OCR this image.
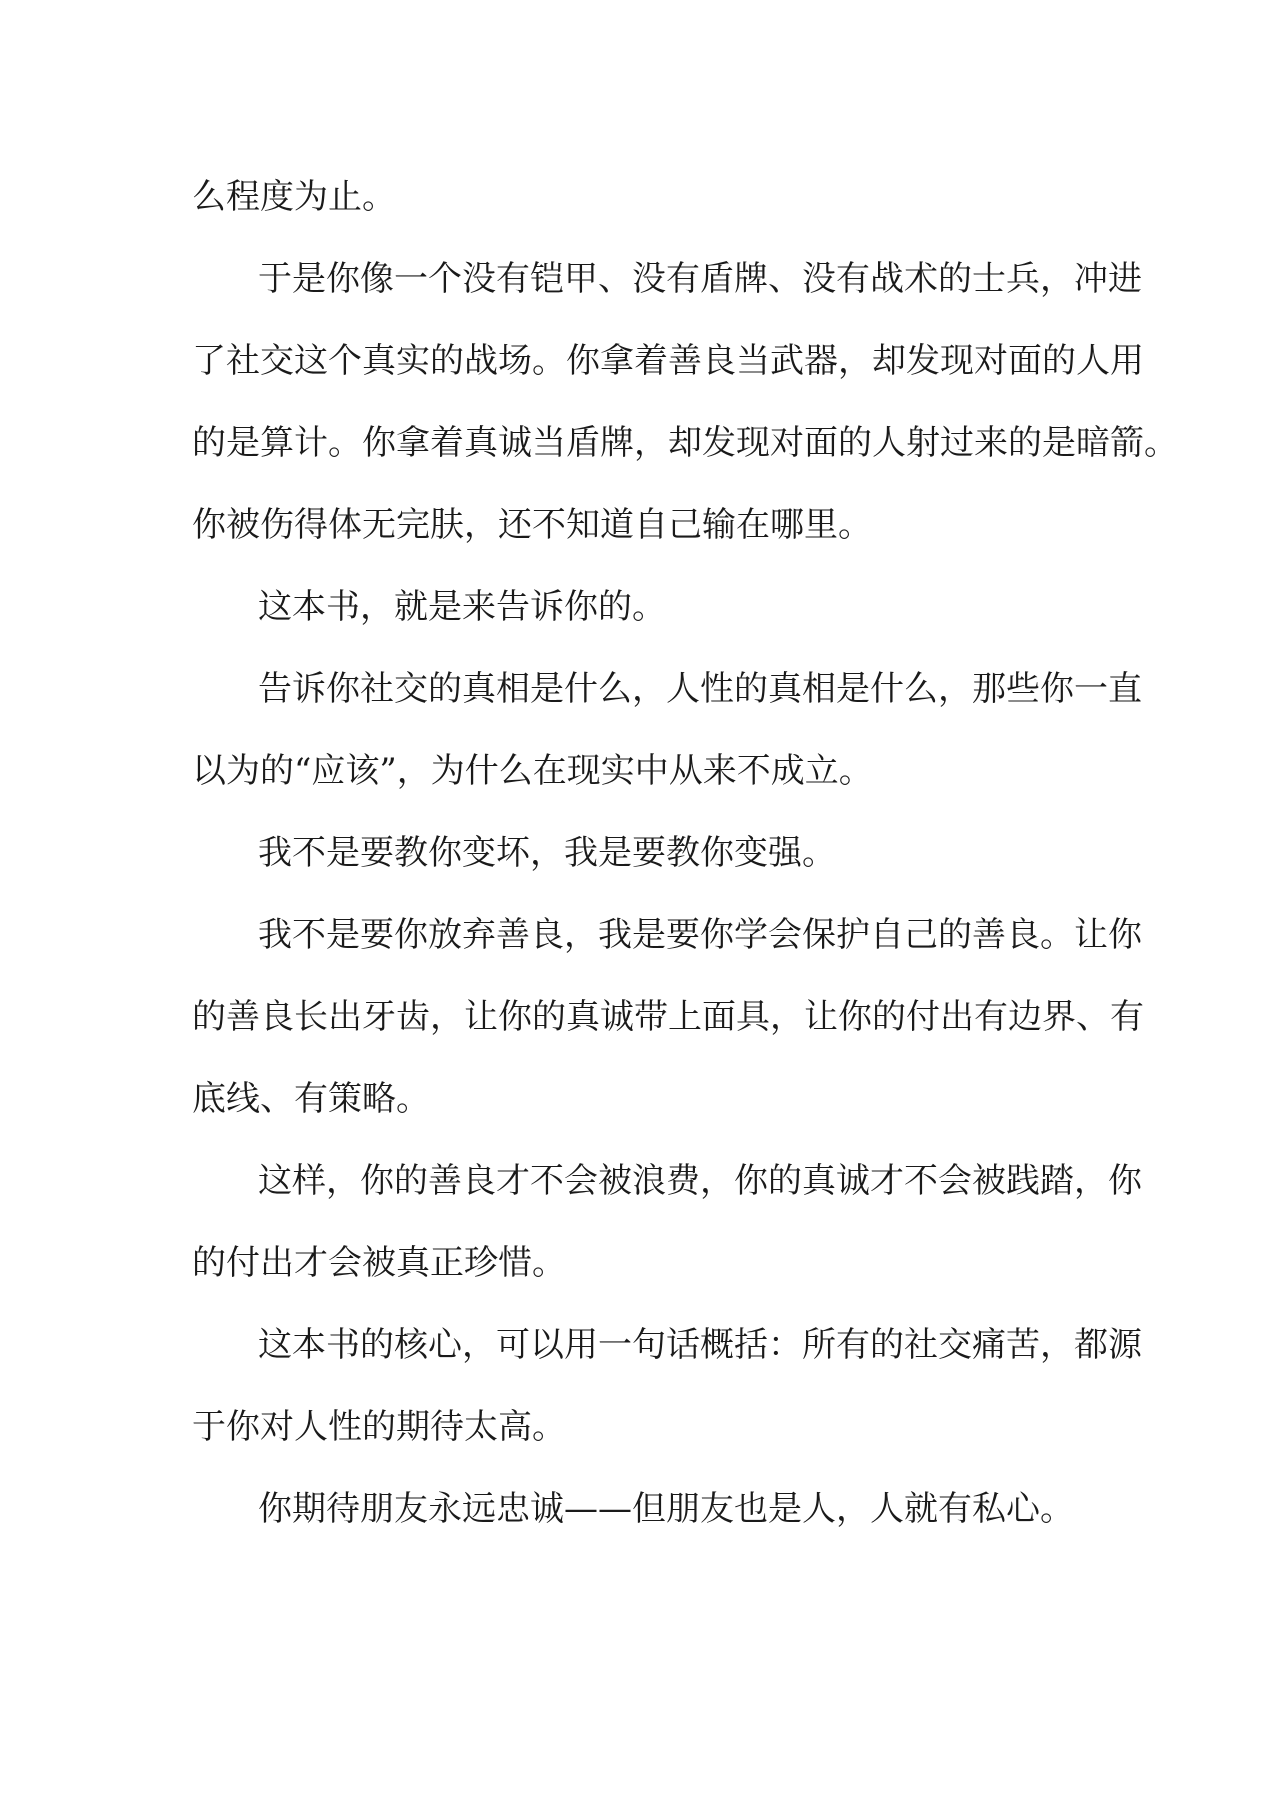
么程度为止。
于是你像一个没有铠甲、没有盾牌、没有战术的士兵，冲进
了社交这个真实的战场。你拿着善良当武器，却发现对面的人用
的是算计。你拿着真诚当盾牌，却发现对面的人射过来的是暗箭。
你被伤得体无完肤，还不知道自己输在哪里。
这本书，就是来告诉你的。
告诉你社交的真相是什么，人性的真相是什么，那些你一直
以为的“应该”，为什么在现实中从来不成立。
我不是要教你变坏，我是要教你变强。
我不是要你放弃善良，我是要你学会保护自己的善良。让你
的善良长出牙齿，让你的真诚带上面具，让你的付出有边界、有
底线、有策略。
这样，你的善良才不会被浪费，你的真诚才不会被践踏，你
的付出才会被真正珍惜。
这本书的核心，可以用一句话概括：所有的社交痛苦，都源
于你对人性的期待太高。
你期待朋友永远忠诚——但朋友也是人，人就有私心。
